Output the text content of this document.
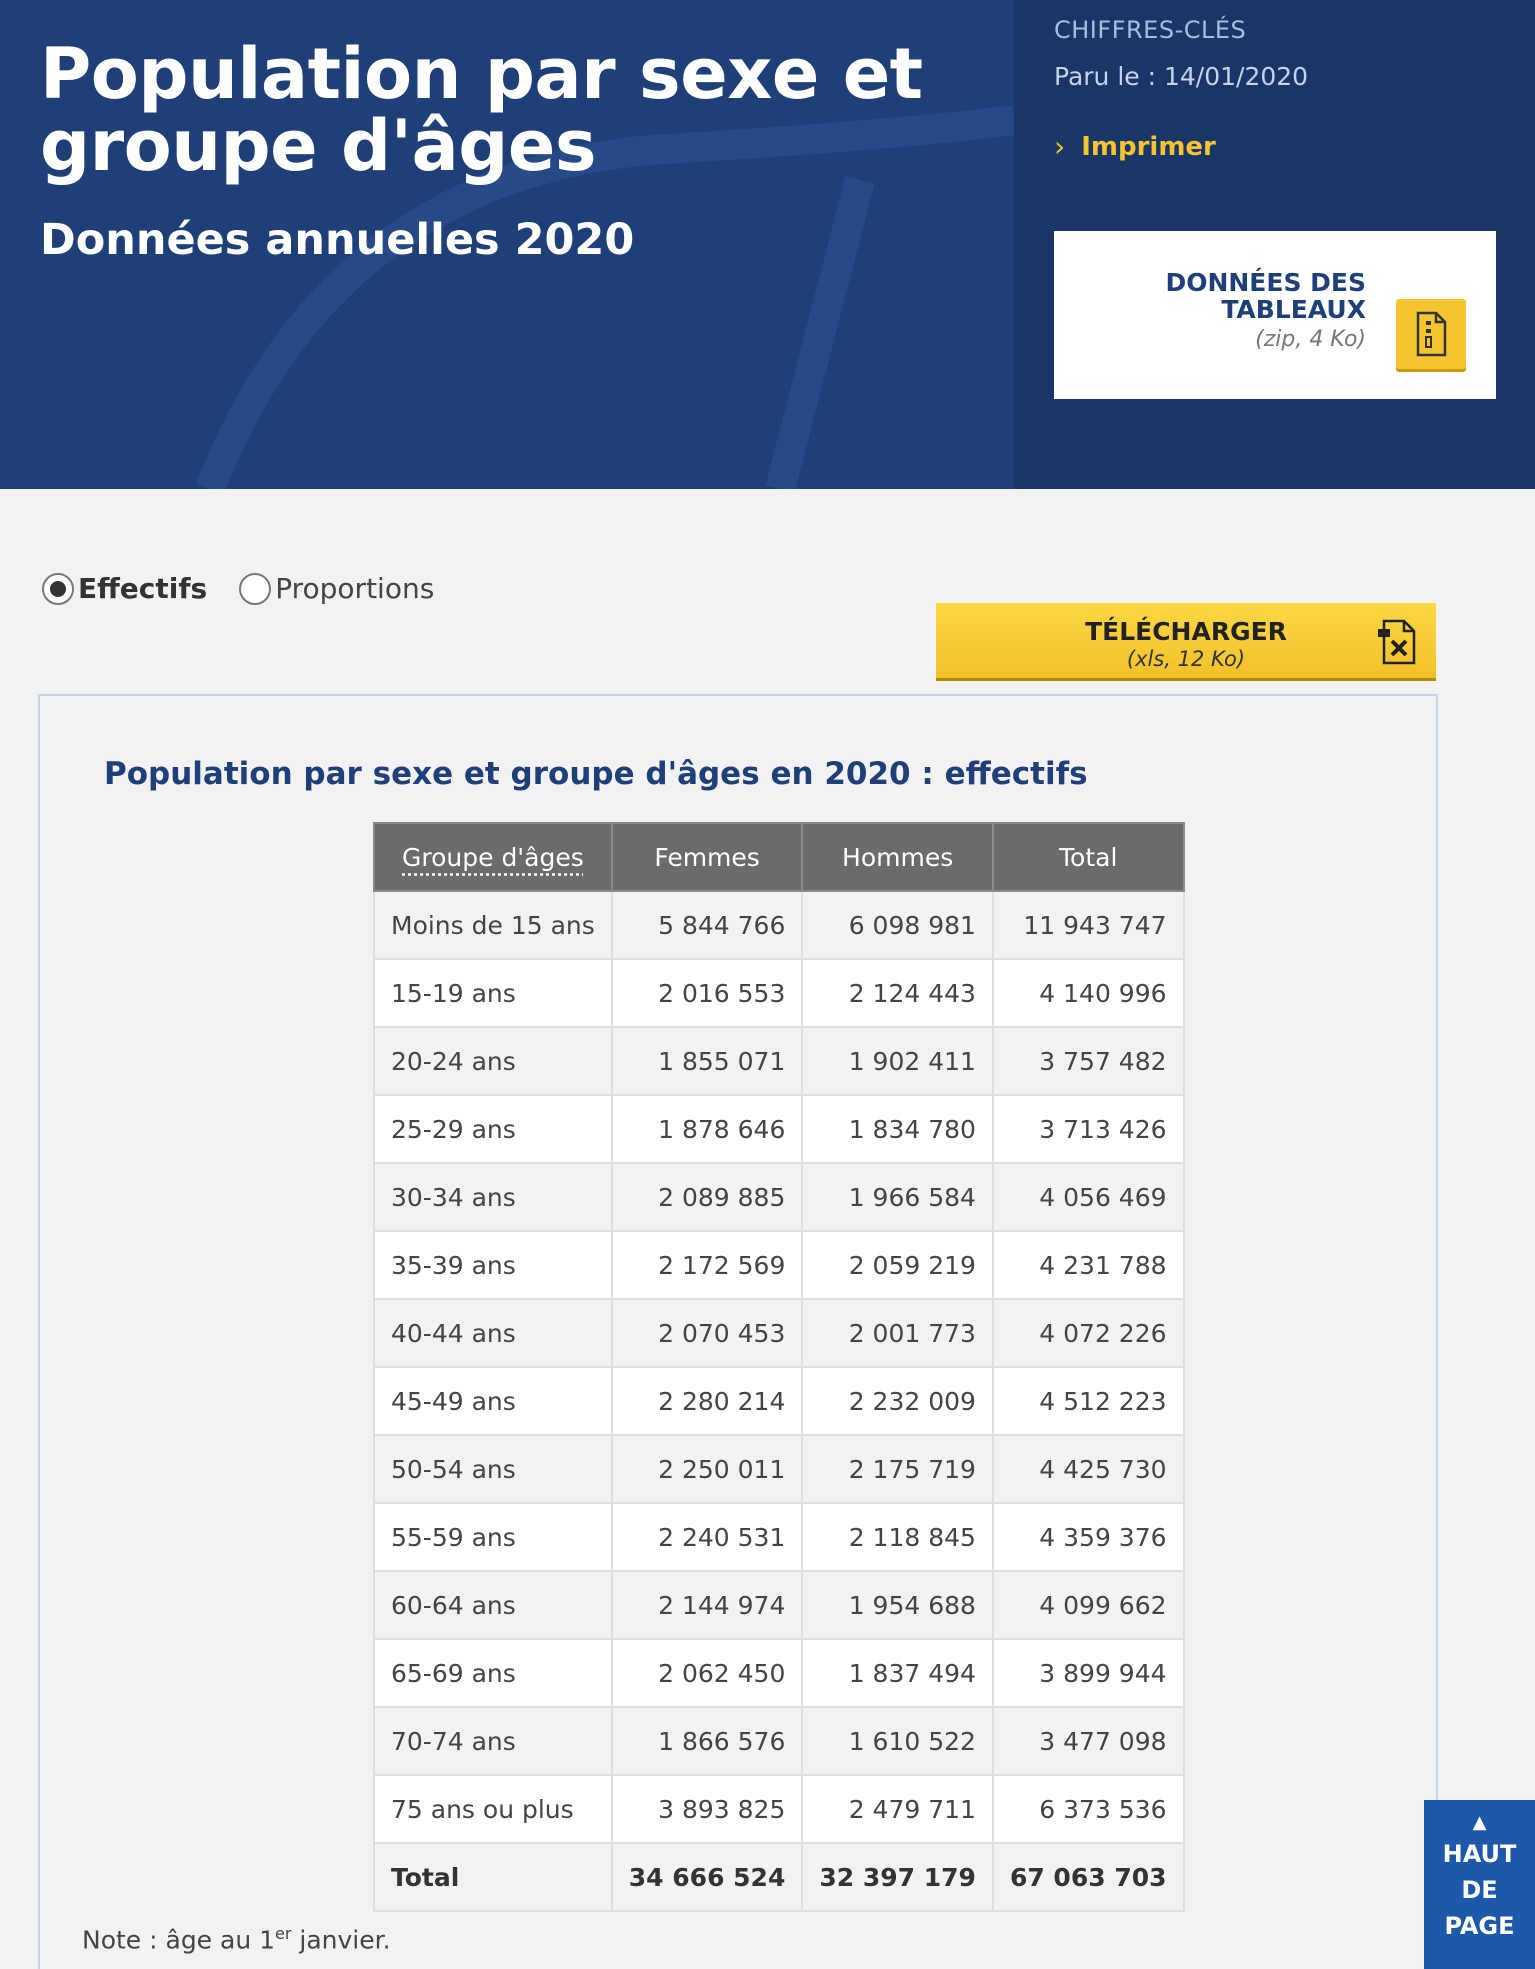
Population par sexe et groupe d'âges
Données annuelles 2020
CHIFFRES-CLÉS
Paru le : 14/01/2020
› Imprimer
DONNÉES DES TABLEAUX
(zip, 4 Ko)
Effectifs Proportions
TÉLÉCHARGER
(xls, 12 Ko)
Population par sexe et groupe d'âges en 2020 : effectifs
Groupe d'âges	Femmes	Hommes	Total
Moins de 15 ans	5 844 766	6 098 981	11 943 747
15-19 ans	2 016 553	2 124 443	4 140 996
20-24 ans	1 855 071	1 902 411	3 757 482
25-29 ans	1 878 646	1 834 780	3 713 426
30-34 ans	2 089 885	1 966 584	4 056 469
35-39 ans	2 172 569	2 059 219	4 231 788
40-44 ans	2 070 453	2 001 773	4 072 226
45-49 ans	2 280 214	2 232 009	4 512 223
50-54 ans	2 250 011	2 175 719	4 425 730
55-59 ans	2 240 531	2 118 845	4 359 376
60-64 ans	2 144 974	1 954 688	4 099 662
65-69 ans	2 062 450	1 837 494	3 899 944
70-74 ans	1 866 576	1 610 522	3 477 098
75 ans ou plus	3 893 825	2 479 711	6 373 536
Total	34 666 524	32 397 179	67 063 703
Note : âge au 1er janvier.
▲
HAUT
DE
PAGE
